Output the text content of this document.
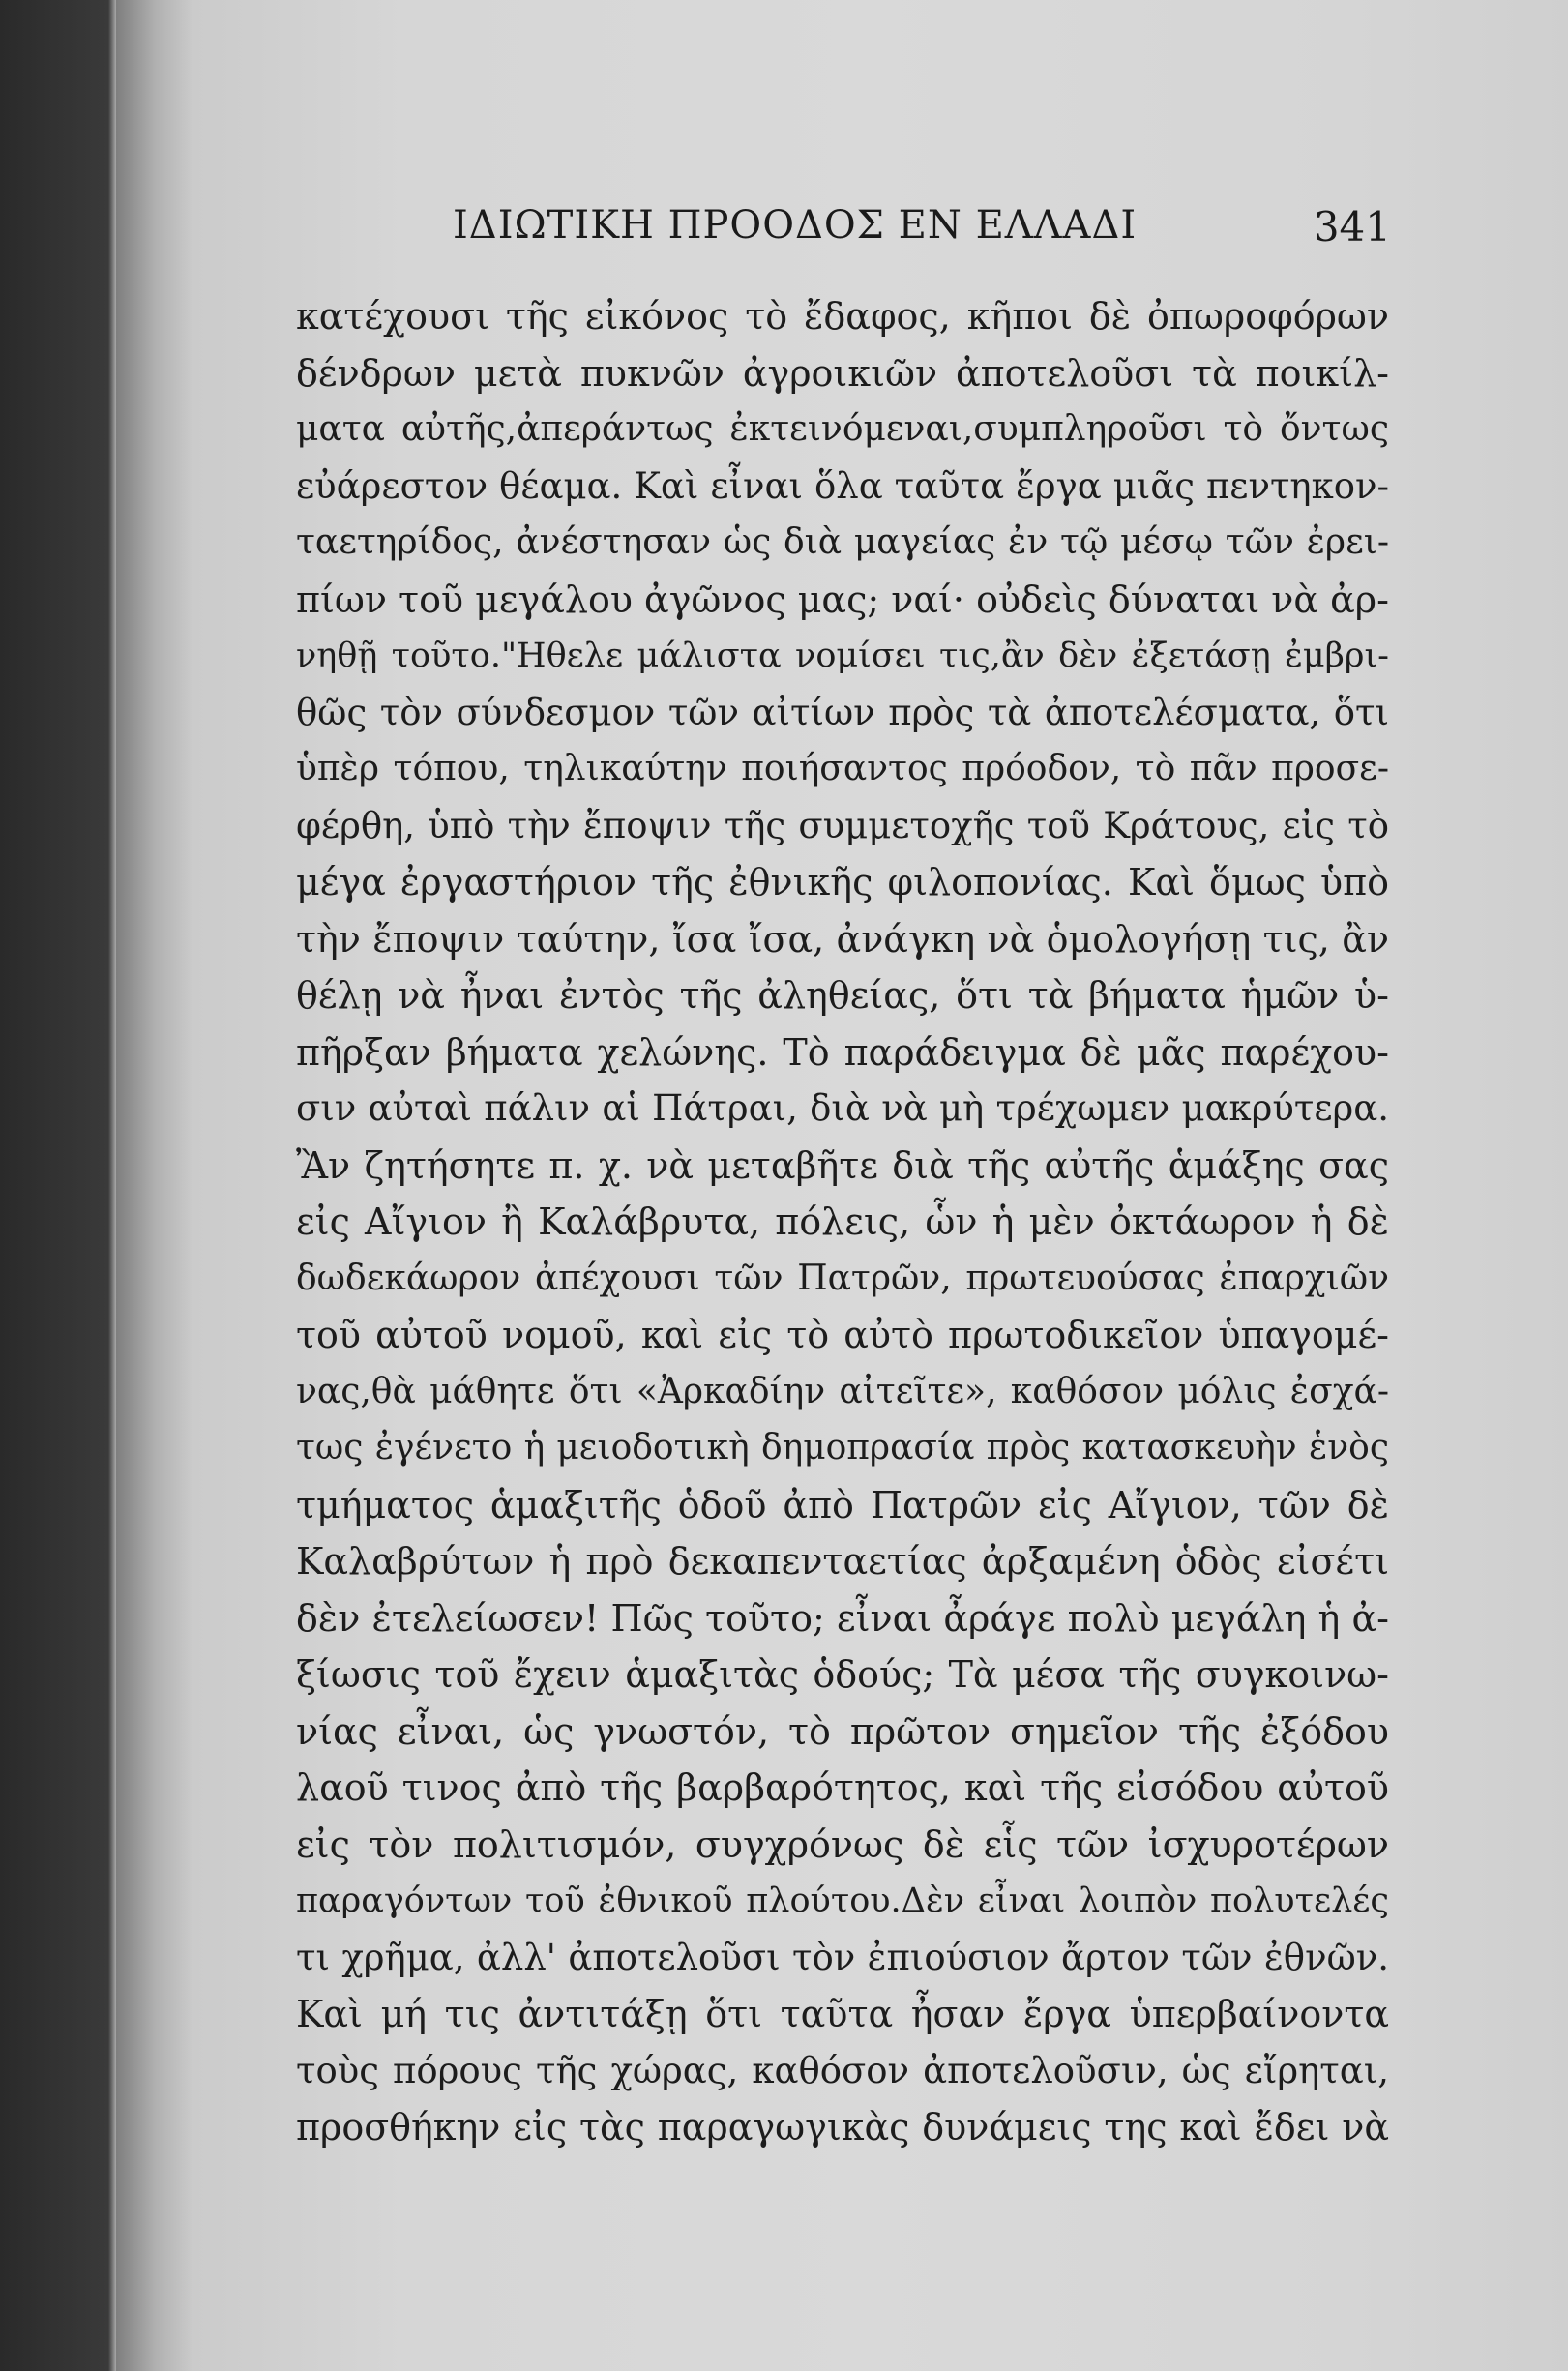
ΙΔΙΩΤΙΚΗ ΠΡΟΟΔΟΣ ΕΝ ΕΛΛΑΔΙ	341
κατέχουσι τῆς εἰκόνος τὸ ἔδαφος, κῆποι δὲ ὀπωροφόρων
δένδρων μετὰ πυκνῶν ἀγροικιῶν ἀποτελοῦσι τὰ ποικίλ-
ματα αὐτῆς,ἀπεράντως ἐκτεινόμεναι,συμπληροῦσι τὸ ὄντως
εὐάρεστον θέαμα. Καὶ εἶναι ὅλα ταῦτα ἔργα μιᾶς πεντηκον-
ταετηρίδος, ἀνέστησαν ὡς διὰ μαγείας ἐν τῷ μέσῳ τῶν ἐρει-
πίων τοῦ μεγάλου ἀγῶνος μας; ναί· οὐδεὶς δύναται νὰ ἀρ-
νηθῇ τοῦτο."Ηθελε μάλιστα νομίσει τις,ἂν δὲν ἐξετάσῃ ἐμβρι-
θῶς τὸν σύνδεσμον τῶν αἰτίων πρὸς τὰ ἀποτελέσματα, ὅτι
ὑπὲρ τόπου, τηλικαύτην ποιήσαντος πρόοδον, τὸ πᾶν προσε-
φέρθη, ὑπὸ τὴν ἔποψιν τῆς συμμετοχῆς τοῦ Κράτους, εἰς τὸ
μέγα ἐργαστήριον τῆς ἐθνικῆς φιλοπονίας. Καὶ ὅμως ὑπὸ
τὴν ἔποψιν ταύτην, ἴσα ἴσα, ἀνάγκη νὰ ὁμολογήσῃ τις, ἂν
θέλῃ νὰ ἦναι ἐντὸς τῆς ἀληθείας, ὅτι τὰ βήματα ἡμῶν ὑ-
πῆρξαν βήματα χελώνης. Τὸ παράδειγμα δὲ μᾶς παρέχου-
σιν αὐταὶ πάλιν αἱ Πάτραι, διὰ νὰ μὴ τρέχωμεν μακρύτερα.
Ἂν ζητήσητε π. χ. νὰ μεταβῆτε διὰ τῆς αὐτῆς ἁμάξης σας
εἰς Αἴγιον ἢ Καλάβρυτα, πόλεις, ὧν ἡ μὲν ὀκτάωρον ἡ δὲ
δωδεκάωρον ἀπέχουσι τῶν Πατρῶν, πρωτευούσας ἐπαρχιῶν
τοῦ αὐτοῦ νομοῦ, καὶ εἰς τὸ αὐτὸ πρωτοδικεῖον ὑπαγομέ-
νας,θὰ μάθητε ὅτι «Ἀρκαδίην αἰτεῖτε», καθόσον μόλις ἐσχά-
τως ἐγένετο ἡ μειοδοτικὴ δημοπρασία πρὸς κατασκευὴν ἑνὸς
τμήματος ἁμαξιτῆς ὁδοῦ ἀπὸ Πατρῶν εἰς Αἴγιον, τῶν δὲ
Καλαβρύτων ἡ πρὸ δεκαπενταετίας ἀρξαμένη ὁδὸς εἰσέτι
δὲν ἐτελείωσεν! Πῶς τοῦτο; εἶναι ἆράγε πολὺ μεγάλη ἡ ἀ-
ξίωσις τοῦ ἔχειν ἁμαξιτὰς ὁδούς; Τὰ μέσα τῆς συγκοινω-
νίας εἶναι, ὡς γνωστόν, τὸ πρῶτον σημεῖον τῆς ἐξόδου
λαοῦ τινος ἀπὸ τῆς βαρβαρότητος, καὶ τῆς εἰσόδου αὐτοῦ
εἰς τὸν πολιτισμόν, συγχρόνως δὲ εἷς τῶν ἰσχυροτέρων
παραγόντων τοῦ ἐθνικοῦ πλούτου.Δὲν εἶναι λοιπὸν πολυτελές
τι χρῆμα, ἀλλ' ἀποτελοῦσι τὸν ἐπιούσιον ἄρτον τῶν ἐθνῶν.
Καὶ μή τις ἀντιτάξῃ ὅτι ταῦτα ἦσαν ἔργα ὑπερβαίνοντα
τοὺς πόρους τῆς χώρας, καθόσον ἀποτελοῦσιν, ὡς εἴρηται,
προσθήκην εἰς τὰς παραγωγικὰς δυνάμεις της καὶ ἔδει νὰ
